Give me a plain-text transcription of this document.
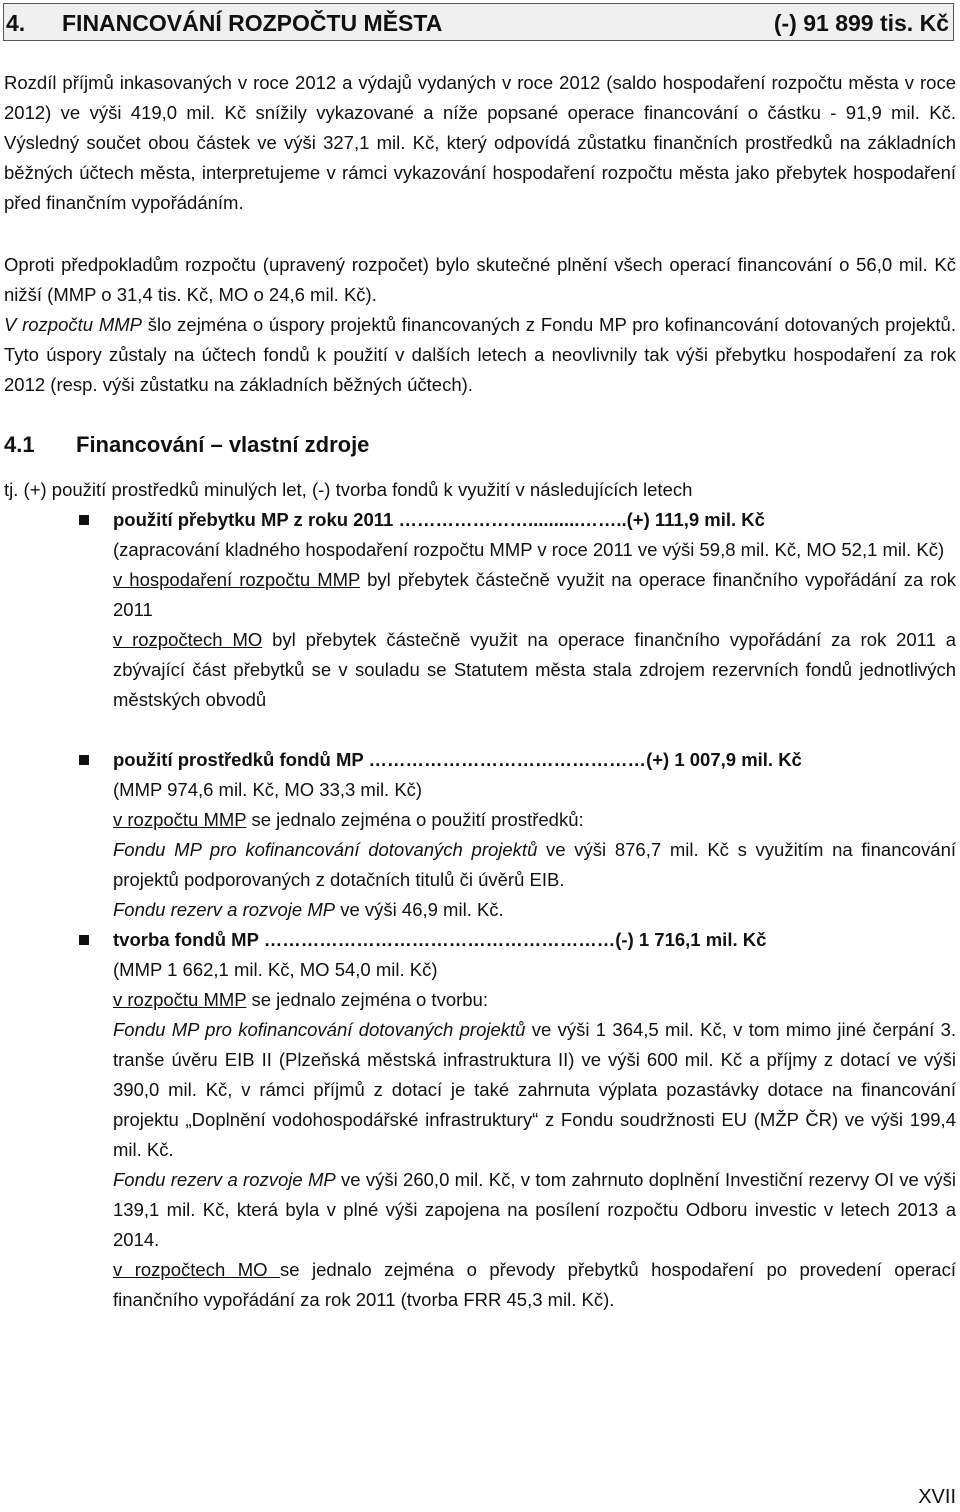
4. FINANCOVÁNÍ ROZPOČTU MĚSTA	(-) 91 899 tis. Kč

Rozdíl příjmů inkasovaných v roce 2012 a výdajů vydaných v roce 2012 (saldo hospodaření rozpočtu města v roce 2012) ve výši 419,0 mil. Kč snížily vykazované a níže popsané operace financování o částku - 91,9 mil. Kč. Výsledný součet obou částek ve výši 327,1 mil. Kč, který odpovídá zůstatku finančních prostředků na základních běžných účtech města, interpretujeme v rámci vykazování hospodaření rozpočtu města jako přebytek hospodaření před finančním vypořádáním.

Oproti předpokladům rozpočtu (upravený rozpočet) bylo skutečné plnění všech operací financování o 56,0 mil. Kč nižší (MMP o 31,4 tis. Kč, MO o 24,6 mil. Kč).

V rozpočtu MMP šlo zejména o úspory projektů financovaných z Fondu MP pro kofinancování dotovaných projektů. Tyto úspory zůstaly na účtech fondů k použití v dalších letech a neovlivnily tak výši přebytku hospodaření za rok 2012 (resp. výši zůstatku na základních běžných účtech).

4.1 Financování – vlastní zdroje
tj. (+) použití prostředků minulých let, (-) tvorba fondů k využití v následujících letech
použití přebytku MP z roku 2011 …………………..........……..(+) 111,9 mil. Kč
(zapracování kladného hospodaření rozpočtu MMP v roce 2011 ve výši 59,8 mil. Kč, MO 52,1 mil. Kč)
v hospodaření rozpočtu MMP byl přebytek částečně využit na operace finančního vypořádání za rok 2011
v rozpočtech MO byl přebytek částečně využit na operace finančního vypořádání za rok 2011 a zbývající část přebytků se v souladu se Statutem města stala zdrojem rezervních fondů jednotlivých městských obvodů
použití prostředků fondů MP ………………………………………(+) 1 007,9 mil. Kč
(MMP 974,6 mil. Kč, MO 33,3 mil. Kč)
v rozpočtu MMP se jednalo zejména o použití prostředků:
Fondu MP pro kofinancování dotovaných projektů ve výši 876,7 mil. Kč s využitím na financování projektů podporovaných z dotačních titulů či úvěrů EIB.
Fondu rezerv a rozvoje MP ve výši 46,9 mil. Kč.
tvorba fondů MP …………………………………………………(-) 1 716,1 mil. Kč
(MMP 1 662,1 mil. Kč, MO 54,0 mil. Kč)
v rozpočtu MMP se jednalo zejména o tvorbu:
Fondu MP pro kofinancování dotovaných projektů ve výši 1 364,5 mil. Kč, v tom mimo jiné čerpání 3. tranše úvěru EIB II (Plzeňská městská infrastruktura II) ve výši 600 mil. Kč a příjmy z dotací ve výši 390,0 mil. Kč, v rámci příjmů z dotací je také zahrnuta výplata pozastávky dotace na financování projektu „Doplnění vodohospodářské infrastruktury“ z Fondu soudržnosti EU (MŽP ČR) ve výši 199,4 mil. Kč.
Fondu rezerv a rozvoje MP ve výši 260,0 mil. Kč, v tom zahrnuto doplnění Investiční rezervy OI ve výši 139,1 mil. Kč, která byla v plné výši zapojena na posílení rozpočtu Odboru investic v letech 2013 a 2014.
v rozpočtech MO se jednalo zejména o převody přebytků hospodaření po provedení operací finančního vypořádání za rok 2011 (tvorba FRR 45,3 mil. Kč).
XVII
